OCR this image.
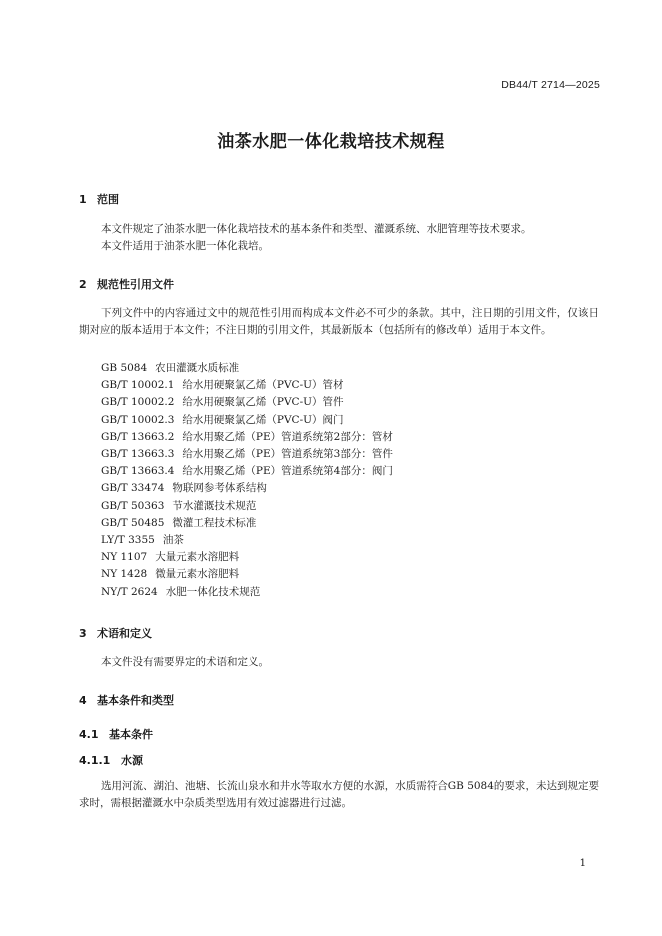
DB44/T 2714—2025
油茶水肥一体化栽培技术规程
1 范围

本文件规定了油茶水肥一体化栽培技术的基本条件和类型、灌溉系统、水肥管理等技术要求。

本文件适用于油茶水肥一体化栽培。

2 规范性引用文件

下列文件中的内容通过文中的规范性引用而构成本文件必不可少的条款。其中，注日期的引用文件，仅该日期对应的版本适用于本文件；不注日期的引用文件，其最新版本（包括所有的修改单）适用于本文件。

GB 5084 农田灌溉水质标准
GB/T 10002.1 给水用硬聚氯乙烯（PVC-U）管材
GB/T 10002.2 给水用硬聚氯乙烯（PVC-U）管件
GB/T 10002.3 给水用硬聚氯乙烯（PVC-U）阀门
GB/T 13663.2 给水用聚乙烯（PE）管道系统第2部分：管材
GB/T 13663.3 给水用聚乙烯（PE）管道系统第3部分：管件
GB/T 13663.4 给水用聚乙烯（PE）管道系统第4部分：阀门
GB/T 33474 物联网参考体系结构
GB/T 50363 节水灌溉技术规范
GB/T 50485 微灌工程技术标准
LY/T 3355 油茶
NY 1107 大量元素水溶肥料
NY 1428 微量元素水溶肥料
NY/T 2624 水肥一体化技术规范
3 术语和定义

本文件没有需要界定的术语和定义。

4 基本条件和类型
4.1 基本条件
4.1.1 水源

选用河流、湖泊、池塘、长流山泉水和井水等取水方便的水源，水质需符合GB 5084的要求，未达到规定要求时，需根据灌溉水中杂质类型选用有效过滤器进行过滤。

1
